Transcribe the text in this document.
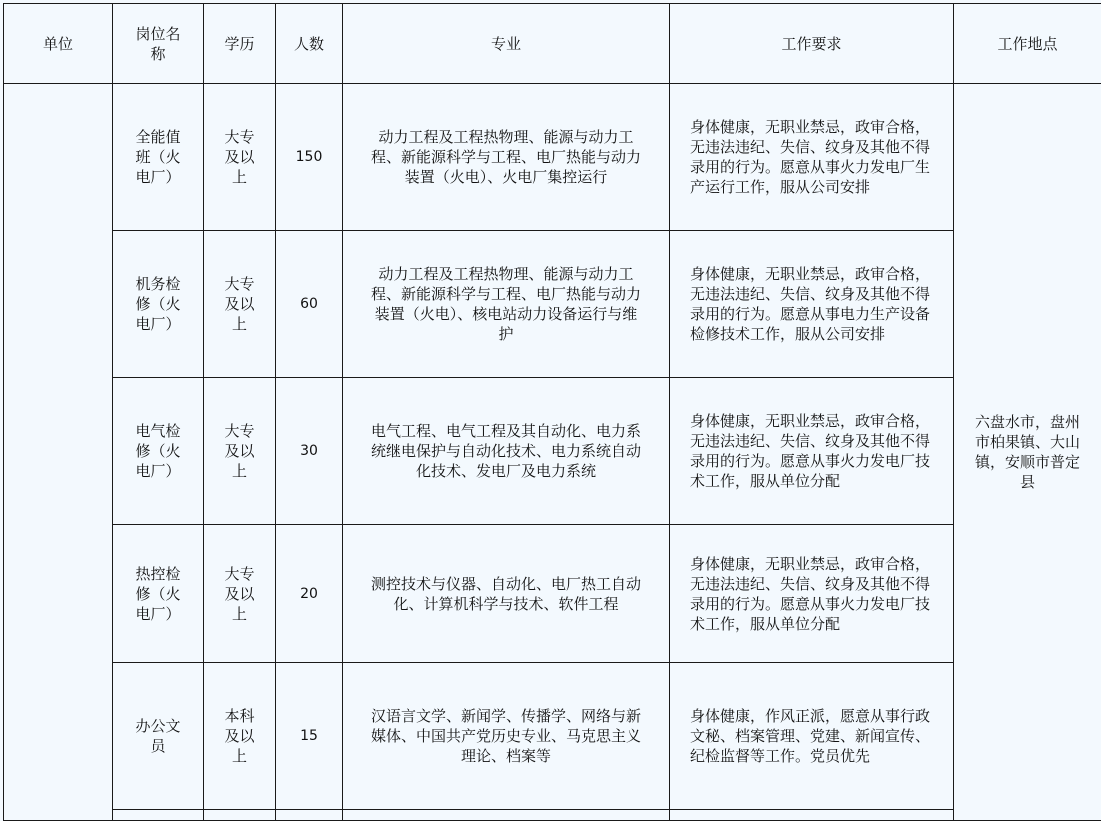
单位	岗位名称	学历	人数	专业	工作要求	工作地点
	全能值班（火电厂）	大专及以上	150	动力工程及工程热物理、能源与动力工程、新能源科学与工程、电厂热能与动力装置（火电）、火电厂集控运行	身体健康，无职业禁忌，政审合格，无违法违纪、失信、纹身及其他不得录用的行为。愿意从事火力发电厂生产运行工作，服从公司安排	六盘水市，盘州市柏果镇、大山镇，安顺市普定县
	机务检修（火电厂）	大专及以上	60	动力工程及工程热物理、能源与动力工程、新能源科学与工程、电厂热能与动力装置（火电）、核电站动力设备运行与维护	身体健康，无职业禁忌，政审合格，无违法违纪、失信、纹身及其他不得录用的行为。愿意从事电力生产设备检修技术工作，服从公司安排	
	电气检修（火电厂）	大专及以上	30	电气工程、电气工程及其自动化、电力系统继电保护与自动化技术、电力系统自动化技术、发电厂及电力系统	身体健康，无职业禁忌，政审合格，无违法违纪、失信、纹身及其他不得录用的行为。愿意从事火力发电厂技术工作，服从单位分配	
	热控检修（火电厂）	大专及以上	20	测控技术与仪器、自动化、电厂热工自动化、计算机科学与技术、软件工程	身体健康，无职业禁忌，政审合格，无违法违纪、失信、纹身及其他不得录用的行为。愿意从事火力发电厂技术工作，服从单位分配	
	办公文员	本科及以上	15	汉语言文学、新闻学、传播学、网络与新媒体、中国共产党历史专业、马克思主义理论、档案等	身体健康，作风正派，愿意从事行政文秘、档案管理、党建、新闻宣传、纪检监督等工作。党员优先	
